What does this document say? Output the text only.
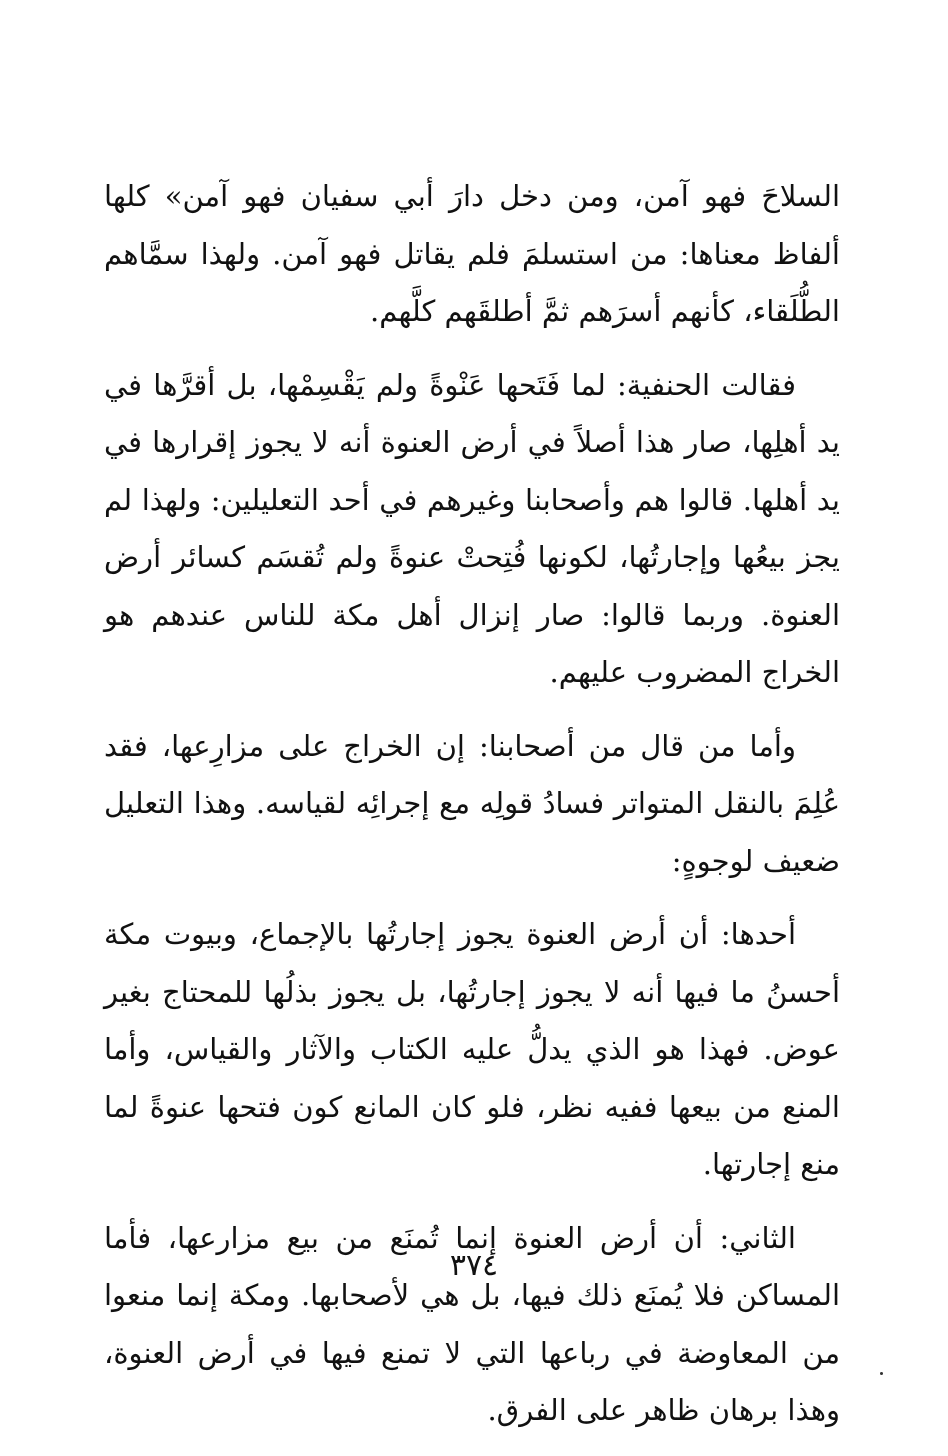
السلاحَ فهو آمن، ومن دخل دارَ أبي سفيان فهو آمن» كلها ألفاظ معناها: من استسلمَ فلم يقاتل فهو آمن. ولهذا سمَّاهم الطُّلَقاء، كأنهم أسرَهم ثمَّ أطلقَهم كلَّهم.

فقالت الحنفية: لما فَتَحها عَنْوةً ولم يَقْسِمْها، بل أقرَّها في يد أهلِها، صار هذا أصلاً في أرض العنوة أنه لا يجوز إقرارها في يد أهلها. قالوا هم وأصحابنا وغيرهم في أحد التعليلين: ولهذا لم يجز بيعُها وإجارتُها، لكونها فُتِحتْ عنوةً ولم تُقسَم كسائر أرض العنوة. وربما قالوا: صار إنزال أهل مكة للناس عندهم هو الخراج المضروب عليهم.

وأما من قال من أصحابنا: إن الخراج على مزارِعها، فقد عُلِمَ بالنقل المتواتر فسادُ قولِه مع إجرائِه لقياسه. وهذا التعليل ضعيف لوجوهٍ:

أحدها: أن أرض العنوة يجوز إجارتُها بالإجماع، وبيوت مكة أحسنُ ما فيها أنه لا يجوز إجارتُها، بل يجوز بذلُها للمحتاج بغير عوض. فهذا هو الذي يدلُّ عليه الكتاب والآثار والقياس، وأما المنع من بيعها ففيه نظر، فلو كان المانع كون فتحها عنوةً لما منع إجارتها.

الثاني: أن أرض العنوة إنما تُمنَع من بيع مزارعها، فأما المساكن فلا يُمنَع ذلك فيها، بل هي لأصحابها. ومكة إنما منعوا من المعاوضة في رباعها التي لا تمنع فيها في أرض العنوة، وهذا برهان ظاهر على الفرق.

٣٧٤
